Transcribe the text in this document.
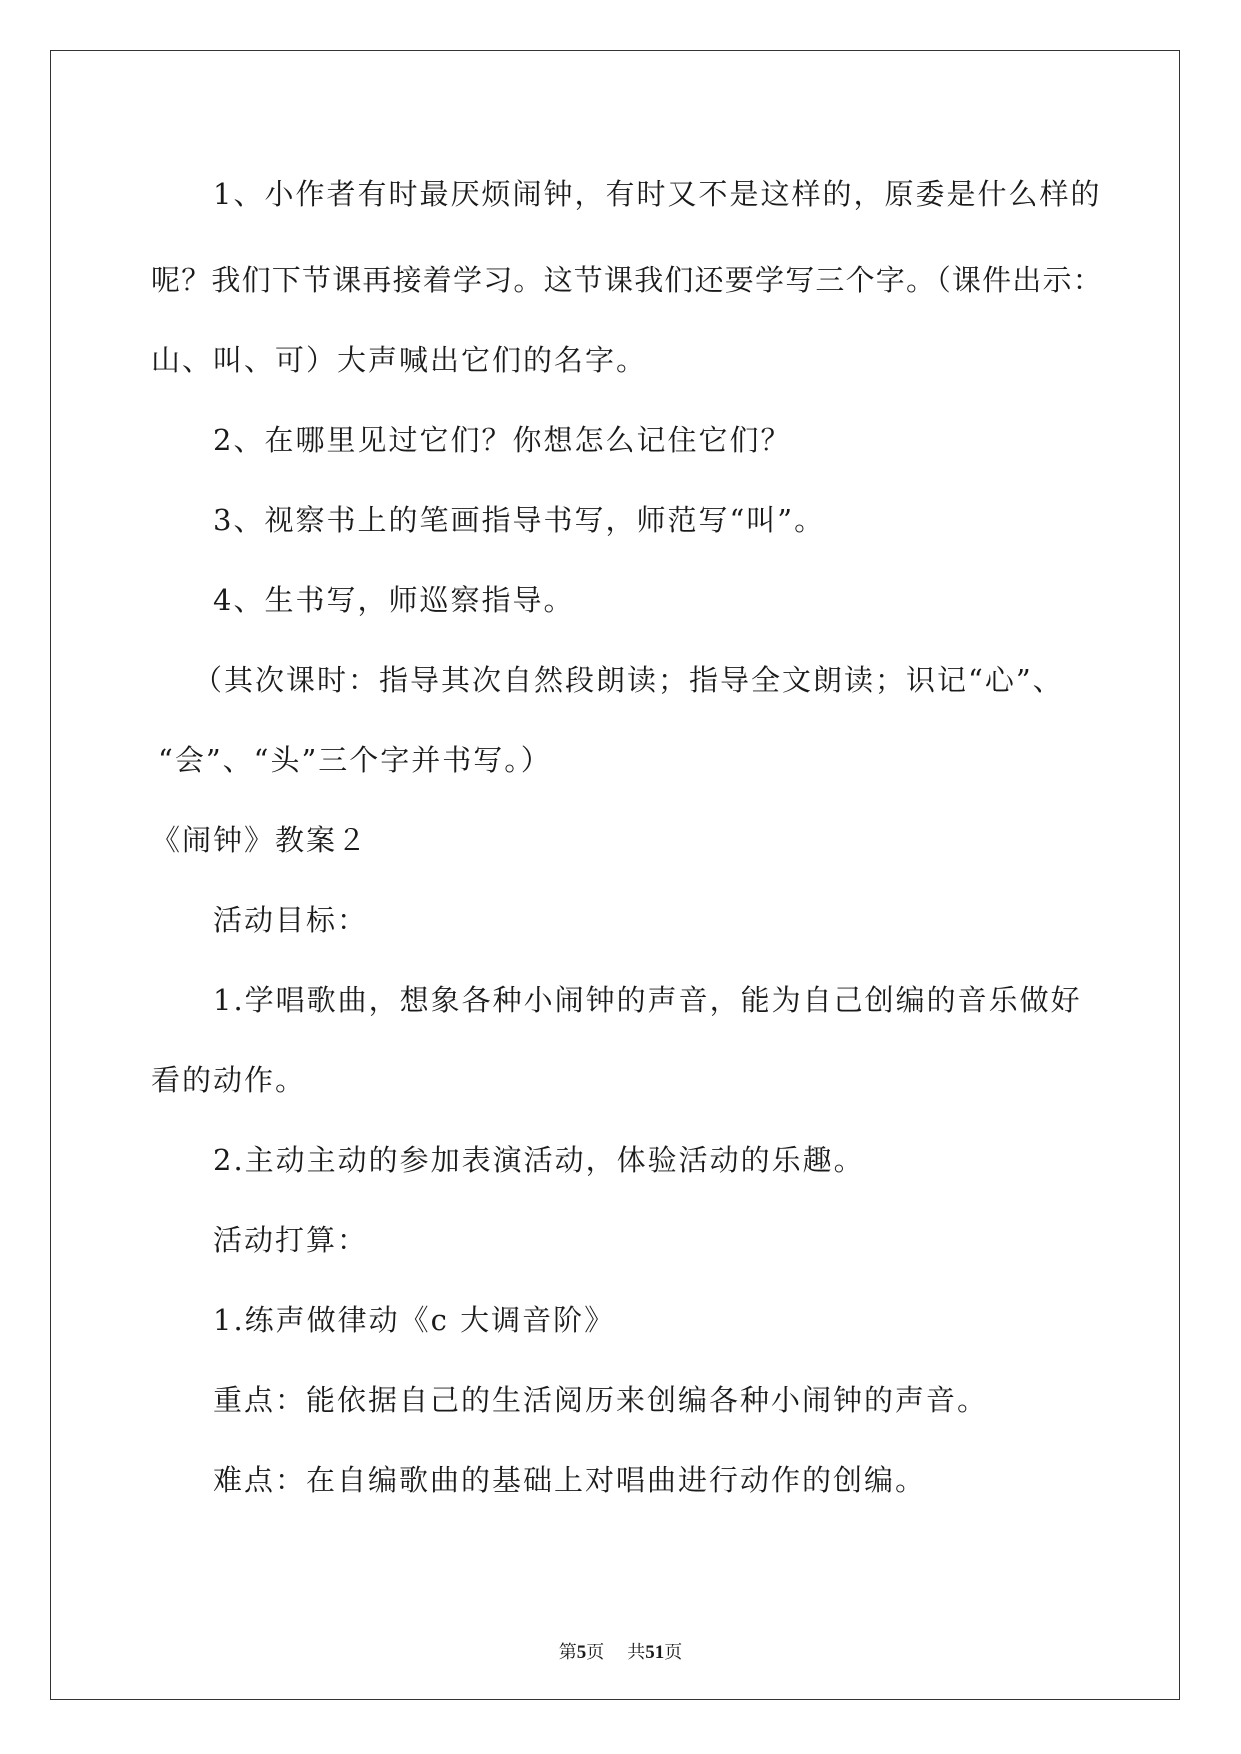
1、小作者有时最厌烦闹钟，有时又不是这样的，原委是什么样的
呢？我们下节课再接着学习。这节课我们还要学写三个字。（课件出示：
山、叫、可）大声喊出它们的名字。
2、在哪里见过它们？你想怎么记住它们？
3、视察书上的笔画指导书写，师范写“叫”。
4、生书写，师巡察指导。
（其次课时：指导其次自然段朗读；指导全文朗读；识记“心”、
“会”、“头”三个字并书写。）
《闹钟》教案２
活动目标：
1.学唱歌曲，想象各种小闹钟的声音，能为自己创编的音乐做好
看的动作。
2.主动主动的参加表演活动，体验活动的乐趣。
活动打算：
1.练声做律动《c 大调音阶》
重点：能依据自己的生活阅历来创编各种小闹钟的声音。
难点：在自编歌曲的基础上对唱曲进行动作的创编。
第5页 共51页
